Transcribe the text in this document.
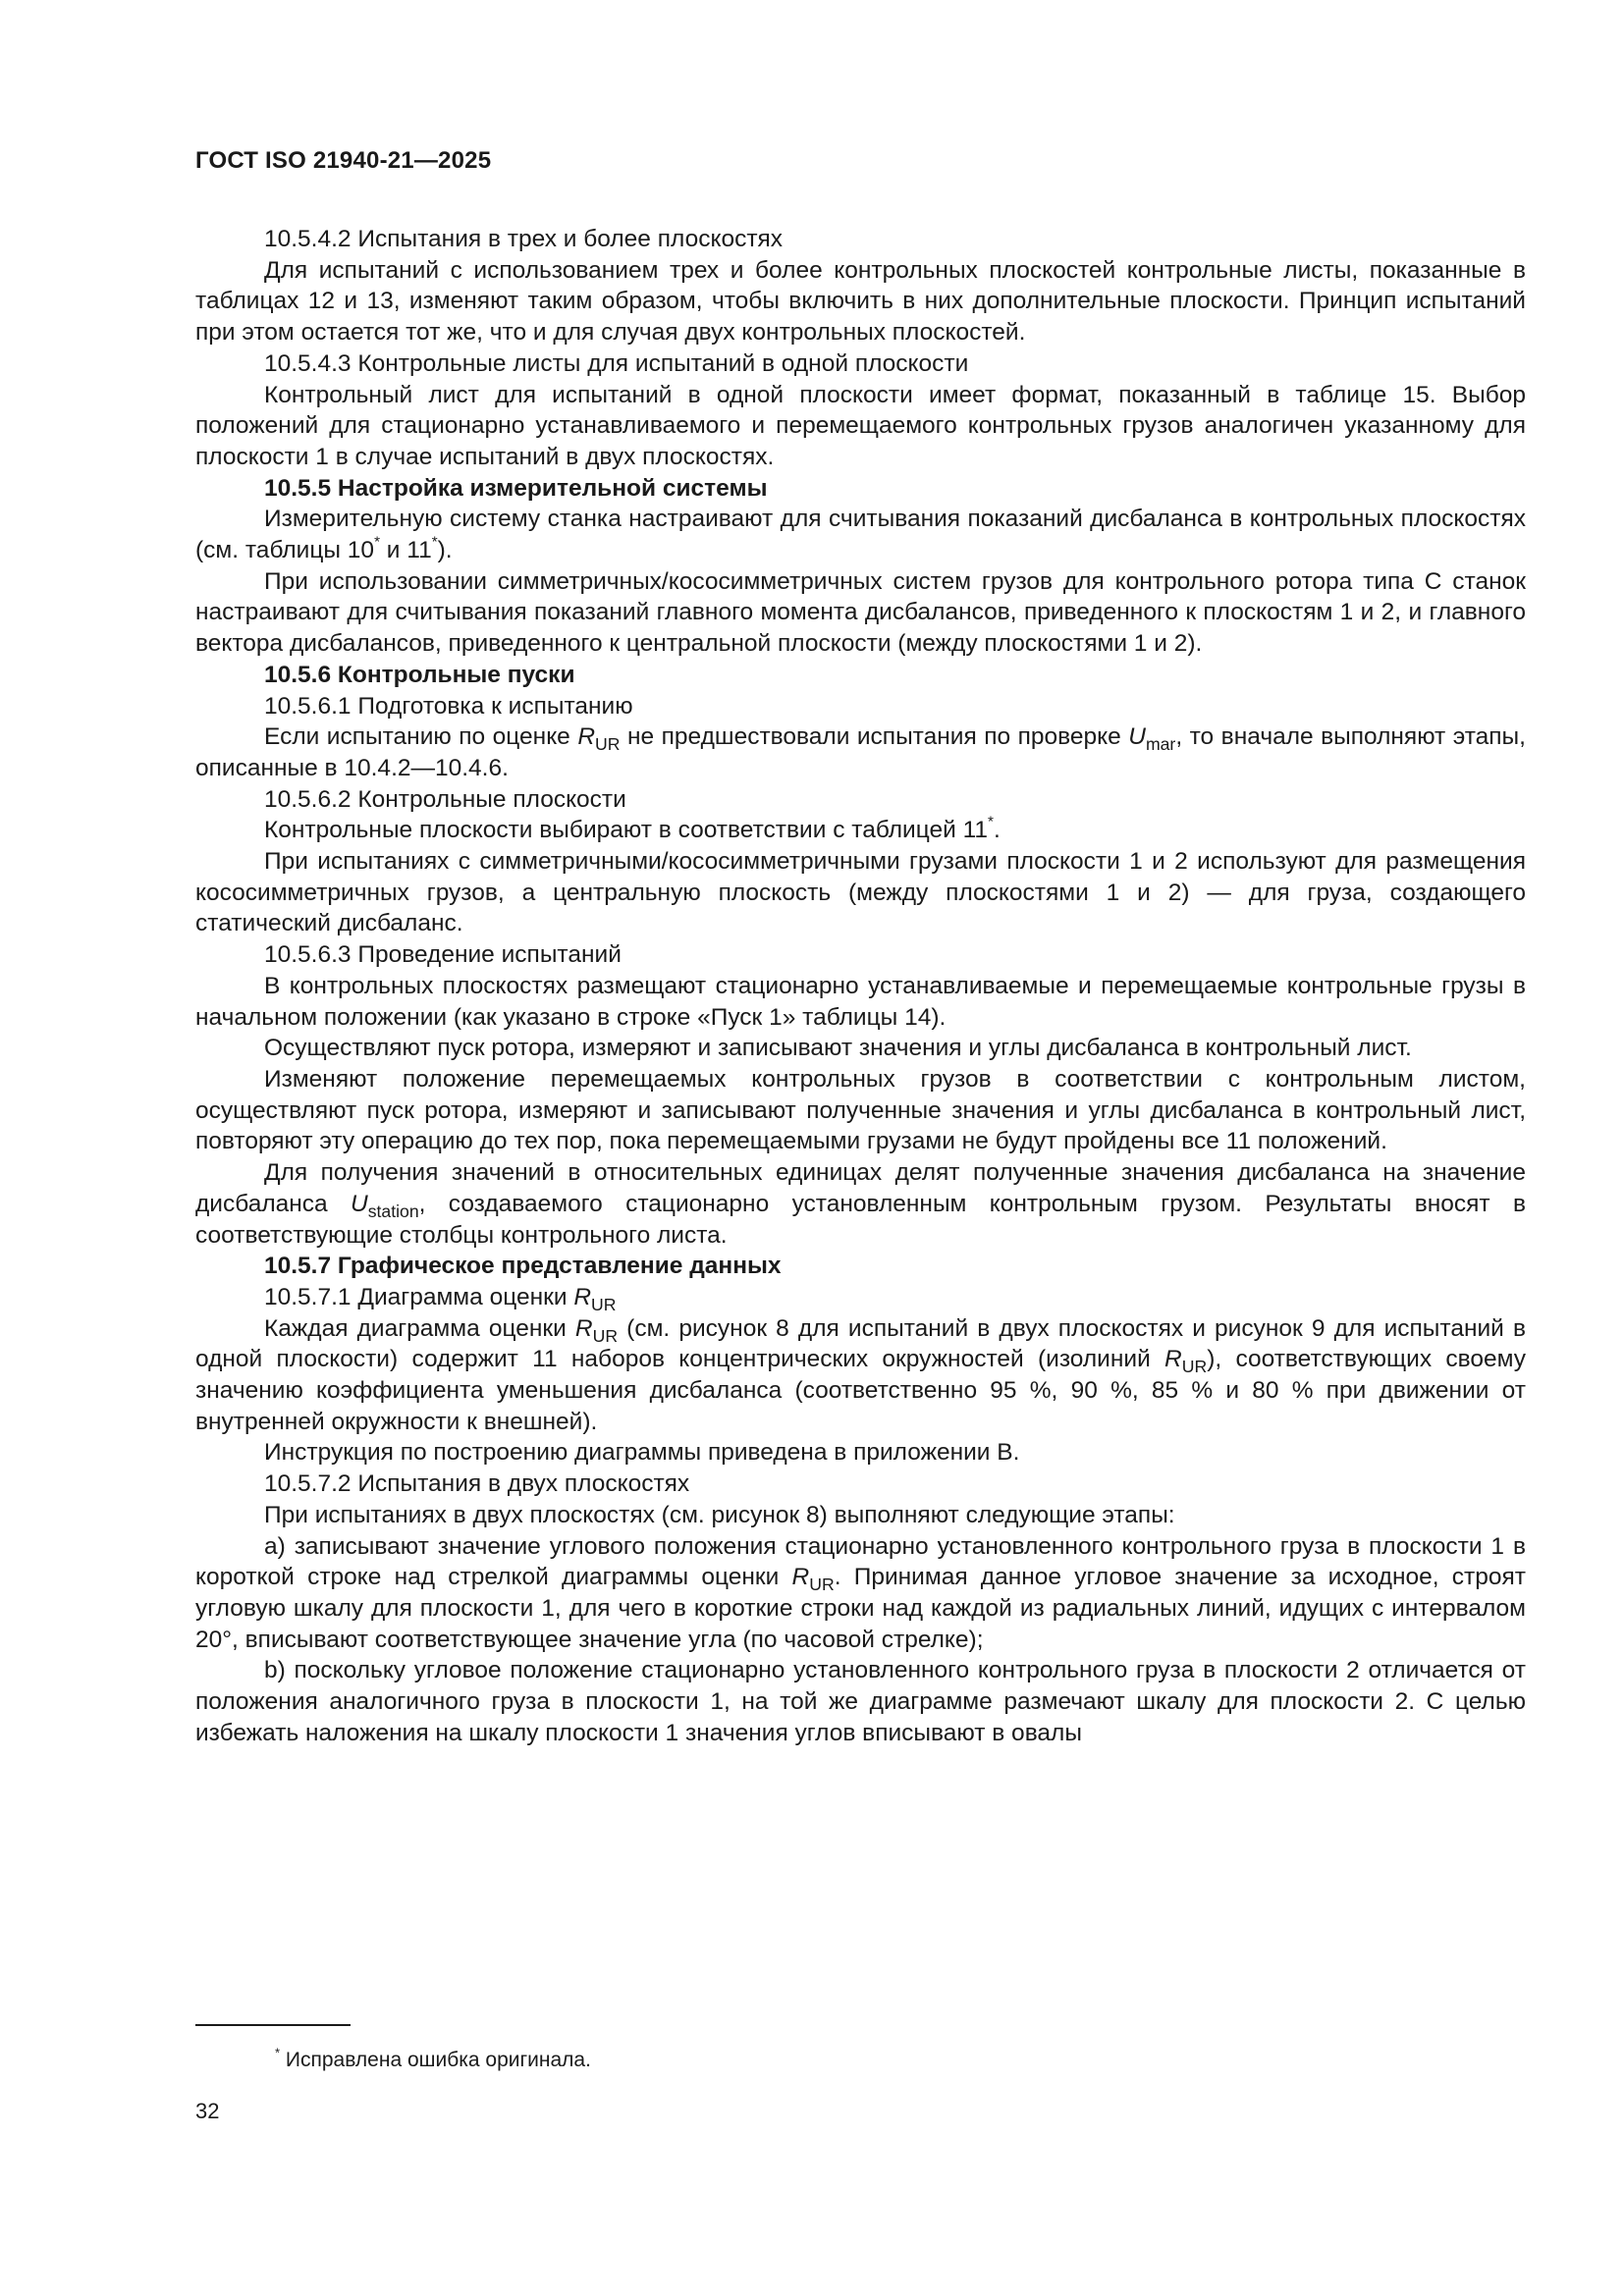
ГОСТ ISO 21940-21—2025

10.5.4.2 Испытания в трех и более плоскостях

Для испытаний с использованием трех и более контрольных плоскостей контрольные листы, показанные в таблицах 12 и 13, изменяют таким образом, чтобы включить в них дополнительные плоскости. Принцип испытаний при этом остается тот же, что и для случая двух контрольных плоскостей.

10.5.4.3 Контрольные листы для испытаний в одной плоскости

Контрольный лист для испытаний в одной плоскости имеет формат, показанный в таблице 15. Выбор положений для стационарно устанавливаемого и перемещаемого контрольных грузов аналогичен указанному для плоскости 1 в случае испытаний в двух плоскостях.

10.5.5 Настройка измерительной системы

Измерительную систему станка настраивают для считывания показаний дисбаланса в контрольных плоскостях (см. таблицы 10* и 11*).

При использовании симметричных/кососимметричных систем грузов для контрольного ротора типа С станок настраивают для считывания показаний главного момента дисбалансов, приведенного к плоскостям 1 и 2, и главного вектора дисбалансов, приведенного к центральной плоскости (между плоскостями 1 и 2).

10.5.6 Контрольные пуски

10.5.6.1 Подготовка к испытанию

Если испытанию по оценке $R_{UR}$ не предшествовали испытания по проверке $U_{mar}$, то вначале выполняют этапы, описанные в 10.4.2—10.4.6.

10.5.6.2 Контрольные плоскости

Контрольные плоскости выбирают в соответствии с таблицей 11*.

При испытаниях с симметричными/кососимметричными грузами плоскости 1 и 2 используют для размещения кососимметричных грузов, а центральную плоскость (между плоскостями 1 и 2) — для груза, создающего статический дисбаланс.

10.5.6.3 Проведение испытаний

В контрольных плоскостях размещают стационарно устанавливаемые и перемещаемые контрольные грузы в начальном положении (как указано в строке «Пуск 1» таблицы 14).

Осуществляют пуск ротора, измеряют и записывают значения и углы дисбаланса в контрольный лист.

Изменяют положение перемещаемых контрольных грузов в соответствии с контрольным листом, осуществляют пуск ротора, измеряют и записывают полученные значения и углы дисбаланса в контрольный лист, повторяют эту операцию до тех пор, пока перемещаемыми грузами не будут пройдены все 11 положений.

Для получения значений в относительных единицах делят полученные значения дисбаланса на значение дисбаланса $U_{station}$, создаваемого стационарно установленным контрольным грузом. Результаты вносят в соответствующие столбцы контрольного листа.

10.5.7 Графическое представление данных

10.5.7.1 Диаграмма оценки $R_{UR}$

Каждая диаграмма оценки $R_{UR}$ (см. рисунок 8 для испытаний в двух плоскостях и рисунок 9 для испытаний в одной плоскости) содержит 11 наборов концентрических окружностей (изолиний $R_{UR}$), соответствующих своему значению коэффициента уменьшения дисбаланса (соответственно 95 %, 90 %, 85 % и 80 % при движении от внутренней окружности к внешней).

Инструкция по построению диаграммы приведена в приложении В.

10.5.7.2 Испытания в двух плоскостях

При испытаниях в двух плоскостях (см. рисунок 8) выполняют следующие этапы:

a) записывают значение углового положения стационарно установленного контрольного груза в плоскости 1 в короткой строке над стрелкой диаграммы оценки $R_{UR}$. Принимая данное угловое значение за исходное, строят угловую шкалу для плоскости 1, для чего в короткие строки над каждой из радиальных линий, идущих с интервалом 20°, вписывают соответствующее значение угла (по часовой стрелке);

b) поскольку угловое положение стационарно установленного контрольного груза в плоскости 2 отличается от положения аналогичного груза в плоскости 1, на той же диаграмме размечают шкалу для плоскости 2. С целью избежать наложения на шкалу плоскости 1 значения углов вписывают в овалы

* Исправлена ошибка оригинала.
32
